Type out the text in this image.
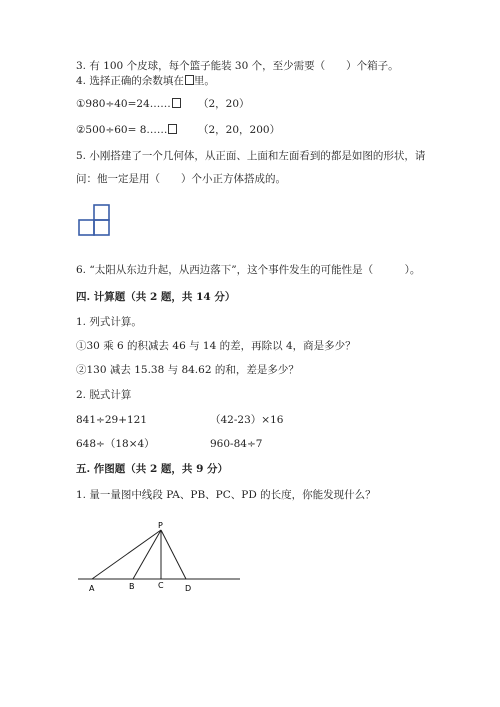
3. 有 100 个皮球，每个篮子能装 30 个，至少需要（　　）个箱子。
4. 选择正确的余数填在 里。
①980÷40=24……	（2，20）
②500÷60= 8……	（2，20，200）
5. 小刚搭建了一个几何体，从正面、上面和左面看到的都是如图的形状，请
问：他一定是用（　　）个小正方体搭成的。
6. “太阳从东边升起，从西边落下”，这个事件发生的可能性是（　　　）。
四. 计算题（共 2 题，共 14 分）
1. 列式计算。
①30 乘 6 的积减去 46 与 14 的差，再除以 4，商是多少？
②130 减去 15.38 与 84.62 的和，差是多少？
2. 脱式计算
841÷29+121	（42-23）×16
648÷（18×4）	960-84÷7
五. 作图题（共 2 题，共 9 分）
1. 量一量图中线段 PA、PB、PC、PD 的长度，你能发现什么？
P
A	B	C	D
